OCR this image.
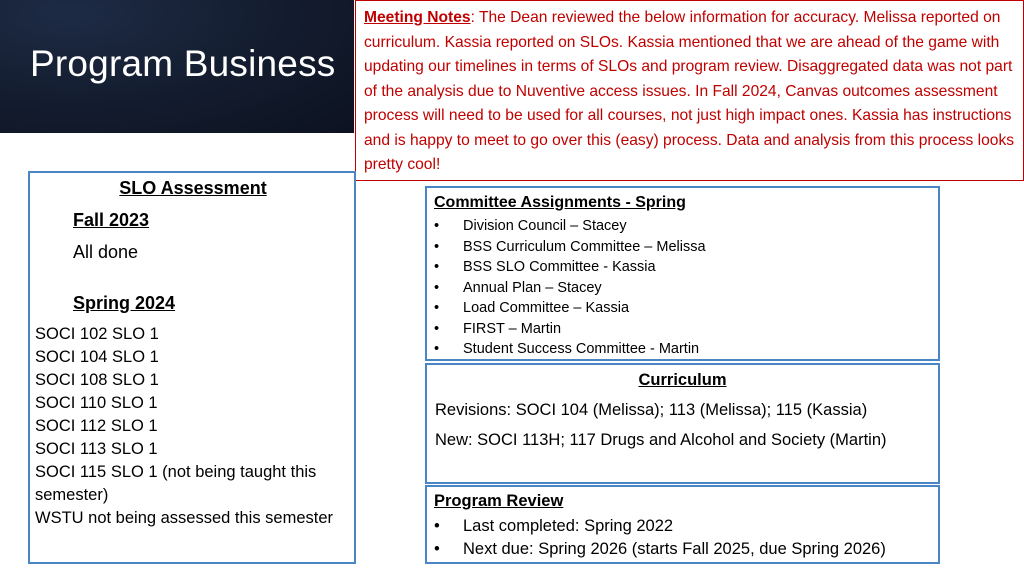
Program Business
Meeting Notes: The Dean reviewed the below information for accuracy. Melissa reported on curriculum. Kassia reported on SLOs. Kassia mentioned that we are ahead of the game with updating our timelines in terms of SLOs and program review. Disaggregated data was not part of the analysis due to Nuventive access issues. In Fall 2024, Canvas outcomes assessment process will need to be used for all courses, not just high impact ones. Kassia has instructions and is happy to meet to go over this (easy) process. Data and analysis from this process looks pretty cool!
SLO Assessment
Fall 2023
All done
Spring 2024
SOCI 102 SLO 1
SOCI 104 SLO 1
SOCI 108 SLO 1
SOCI 110 SLO 1
SOCI 112 SLO 1
SOCI 113 SLO 1
SOCI 115 SLO 1 (not being taught this semester)
WSTU not being assessed this semester
Committee Assignments - Spring
•	Division Council – Stacey
•	BSS Curriculum Committee – Melissa
•	BSS SLO Committee - Kassia
•	Annual Plan – Stacey
•	Load Committee – Kassia
•	FIRST – Martin
•	Student Success Committee - Martin
Curriculum
Revisions: SOCI 104 (Melissa); 113 (Melissa); 115 (Kassia)
New: SOCI 113H; 117 Drugs and Alcohol and Society (Martin)
Program Review
•	Last completed: Spring 2022
•	Next due: Spring 2026 (starts Fall 2025, due Spring 2026)
